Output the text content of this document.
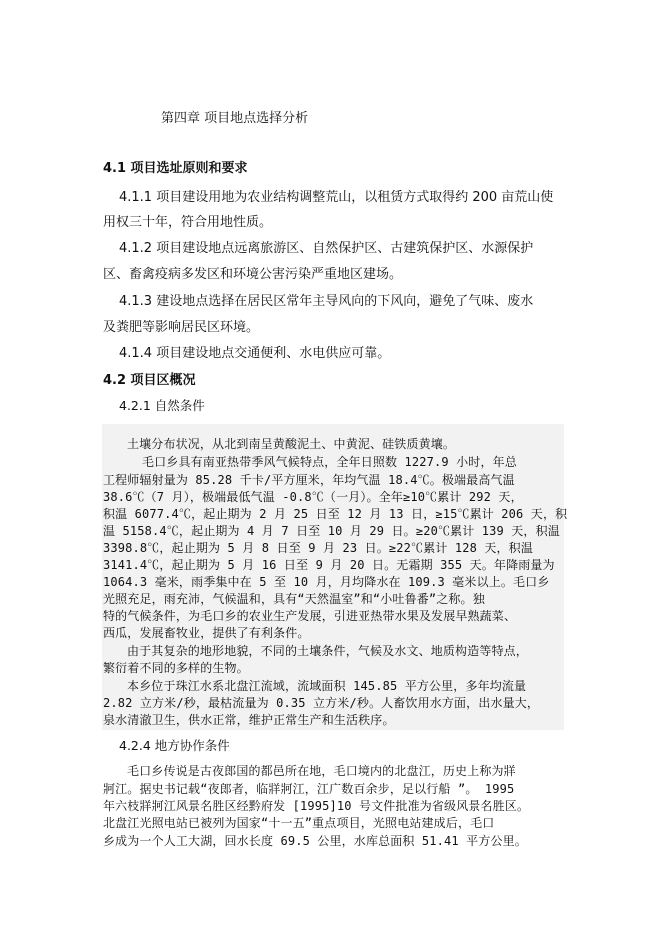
第四章 项目地点选择分析
4.1 项目选址原则和要求
4.1.1 项目建设用地为农业结构调整荒山，以租赁方式取得约 200 亩荒山使
用权三十年，符合用地性质。
4.1.2 项目建设地点远离旅游区、自然保护区、古建筑保护区、水源保护
区、畜禽疫病多发区和环境公害污染严重地区建场。
4.1.3 建设地点选择在居民区常年主导风向的下风向，避免了气味、废水
及粪肥等影响居民区环境。
4.1.4 项目建设地点交通便利、水电供应可靠。
4.2 项目区概况
4.2.1 自然条件
土壤分布状况，从北到南呈黄酸泥土、中黄泥、硅铁质黄壤。
毛口乡具有南亚热带季风气候特点，全年日照数 1227.9 小时，年总
工程师辐射量为 85.28 千卡/平方厘米，年均气温 18.4℃。极端最高气温
38.6℃（7 月），极端最低气温 -0.8℃（一月）。全年≥10℃累计 292 天，
积温 6077.4℃，起止期为 2 月 25 日至 12 月 13 日，≥15℃累计 206 天，积
温 5158.4℃，起止期为 4 月 7 日至 10 月 29 日。≥20℃累计 139 天，积温
3398.8℃，起止期为 5 月 8 日至 9 月 23 日。≥22℃累计 128 天，积温
3141.4℃，起止期为 5 月 16 日至 9 月 20 日。无霜期 355 天。年降雨量为
1064.3 毫米，雨季集中在 5 至 10 月，月均降水在 109.3 毫米以上。毛口乡
光照充足，雨充沛，气候温和，具有“天然温室”和“小吐鲁番”之称。独
特的气候条件，为毛口乡的农业生产发展，引进亚热带水果及发展早熟蔬菜、
西瓜，发展畜牧业，提供了有利条件。
由于其复杂的地形地貌，不同的土壤条件，气候及水文、地质构造等特点，
繁衍着不同的多样的生物。
本乡位于珠江水系北盘江流域，流域面积 145.85 平方公里，多年均流量
2.82 立方米/秒，最枯流量为 0.35 立方米/秒。人畜饮用水方面，出水量大，
泉水清澈卫生，供水正常，维护正常生产和生活秩序。
4.2.4 地方协作条件
毛口乡传说是古夜郎国的都邑所在地，毛口境内的北盘江，历史上称为牂
牁江。据史书记载“夜郎者，临牂牁江，江广数百余步，足以行船 ”。 1995
年六枝牂牁江风景名胜区经黔府发 [1995]10 号文件批准为省级风景名胜区。
北盘江光照电站已被列为国家“十一五”重点项目，光照电站建成后，毛口
乡成为一个人工大湖，回水长度 69.5 公里，水库总面积 51.41 平方公里。
